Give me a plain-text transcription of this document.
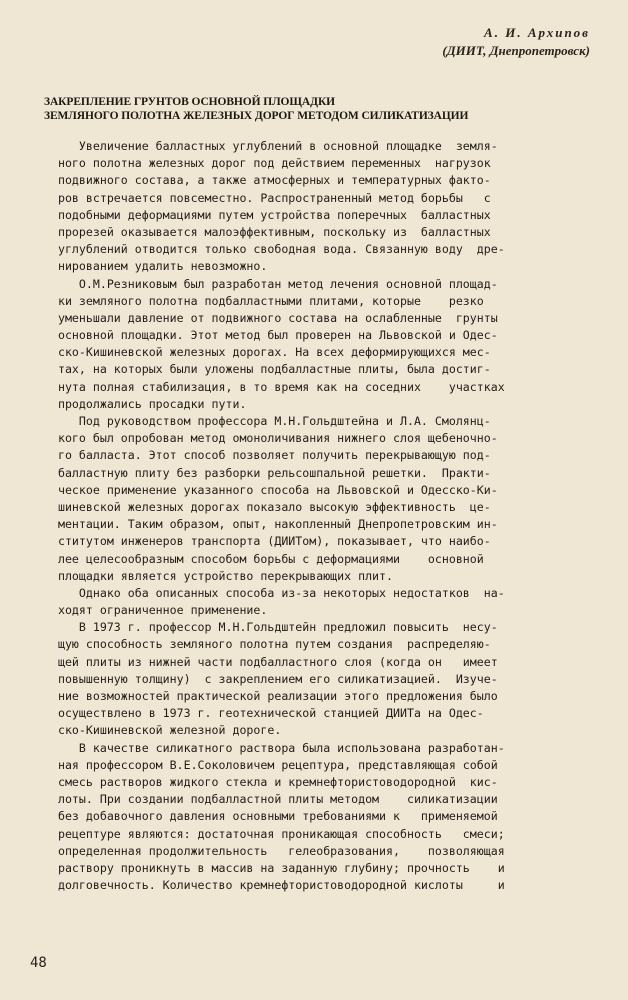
А. И. Архипов
(ДИИТ, Днепропетровск)
ЗАКРЕПЛЕНИЕ ГРУНТОВ ОСНОВНОЙ ПЛОЩАДКИ
ЗЕМЛЯНОГО ПОЛОТНА ЖЕЛЕЗНЫХ ДОРОГ МЕТОДОМ СИЛИКАТИЗАЦИИ
Увеличение балластных углублений в основной площадке  земля-
ного полотна железных дорог под действием переменных  нагрузок
подвижного состава, а также атмосферных и температурных факто-
ров встречается повсеместно. Распространенный метод борьбы   с
подобными деформациями путем устройства поперечных  балластных
прорезей оказывается малоэффективным, поскольку из  балластных
углублений отводится только свободная вода. Связанную воду  дре-
нированием удалить невозможно.
О.М.Резниковым был разработан метод лечения основной площад-
ки земляного полотна подбалластными плитами, которые    резко
уменьшали давление от подвижного состава на ослабленные  грунты
основной площадки. Этот метод был проверен на Львовской и Одес-
ско-Кишиневской железных дорогах. На всех деформирующихся мес-
тах, на которых были уложены подбалластные плиты, была достиг-
нута полная стабилизация, в то время как на соседних    участках
продолжались просадки пути.
Под руководством профессора М.Н.Гольдштейна и Л.А. Смолянц-
кого был опробован метод омоноличивания нижнего слоя щебеночно-
го балласта. Этот способ позволяет получить перекрывающую под-
балластную плиту без разборки рельсошпальной решетки.  Практи-
ческое применение указанного способа на Львовской и Одесско-Ки-
шиневской железных дорогах показало высокую эффективность  це-
ментации. Таким образом, опыт, накопленный Днепропетровским ин-
ститутом инженеров транспорта (ДИИТом), показывает, что наибо-
лее целесообразным способом борьбы с деформациями    основной
площадки является устройство перекрывающих плит.
Однако оба описанных способа из-за некоторых недостатков  на-
ходят ограниченное применение.
В 1973 г. профессор М.Н.Гольдштейн предложил повысить  несу-
щую способность земляного полотна путем создания  распределяю-
щей плиты из нижней части подбалластного слоя (когда он   имеет
повышенную толщину)  с закреплением его силикатизацией.  Изуче-
ние возможностей практической реализации этого предложения было
осуществлено в 1973 г. геотехнической станцией ДИИТа на Одес-
ско-Кишиневской железной дороге.
В качестве силикатного раствора была использована разработан-
ная профессором В.Е.Соколовичем рецептура, представляющая собой
смесь растворов жидкого стекла и кремнефтористоводородной  кис-
лоты. При создании подбалластной плиты методом    силикатизации
без добавочного давления основными требованиями к   применяемой
рецептуре являются: достаточная проникающая способность   смеси;
определенная продолжительность   гелеобразования,    позволяющая
раствору проникнуть в массив на заданную глубину; прочность    и
долговечность. Количество кремнефтористоводородной кислоты     и
48
